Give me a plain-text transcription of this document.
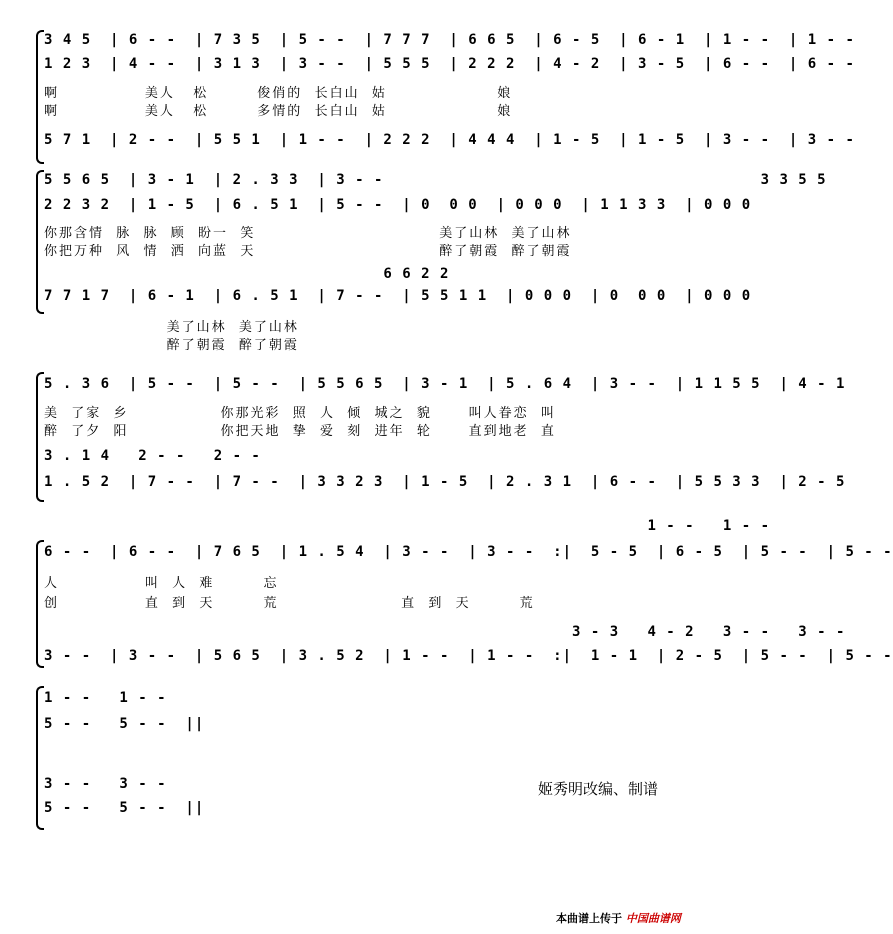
3 4 5  | 6 - -  | 7 3 5  | 5 - -  | 7 7 7  | 6 6 5  | 6 - 5  | 6 - 1  | 1 - -  | 1 - -
1 2 3  | 4 - -  | 3 1 3  | 3 - -  | 5 5 5  | 2 2 2  | 4 - 2  | 3 - 5  | 6 - -  | 6 - -
啊              美人   松        俊俏的  长白山  姑                  娘
啊              美人   松        多情的  长白山  姑                  娘
5 7 1  | 2 - -  | 5 5 1  | 1 - -  | 2 2 2  | 4 4 4  | 1 - 5  | 1 - 5  | 3 - -  | 3 - -
5 5 6 5  | 3 - 1  | 2 . 3 3  | 3 - -                                        3 3 5 5
2 2 3 2  | 1 - 5  | 6 . 5 1  | 5 - -  | 0  0 0  | 0 0 0  | 1 1 3 3  | 0 0 0
你那含情  脉  脉  顾  盼一  笑                              美了山林  美了山林
你把万种  风  情  洒  向蓝  天                              醉了朝霞  醉了朝霞
6 6 2 2
7 7 1 7  | 6 - 1  | 6 . 5 1  | 7 - -  | 5 5 1 1  | 0 0 0  | 0  0 0  | 0 0 0
美了山林  美了山林
醉了朝霞  醉了朝霞
5 . 3 6  | 5 - -  | 5 - -  | 5 5 6 5  | 3 - 1  | 5 . 6 4  | 3 - -  | 1 1 5 5  | 4 - 1
美  了家  乡               你那光彩  照  人  倾  城之  貌      叫人眷恋  叫
醉  了夕  阳               你把天地  挚  爱  刻  进年  轮      直到地老  直
3 . 1 4   2 - -   2 - -
1 . 5 2  | 7 - -  | 7 - -  | 3 3 2 3  | 1 - 5  | 2 . 3 1  | 6 - -  | 5 5 3 3  | 2 - 5
1 - -   1 - -
6 - -  | 6 - -  | 7 6 5  | 1 . 5 4  | 3 - -  | 3 - -  :|  5 - 5  | 6 - 5  | 5 - -  | 5 - -
人              叫  人  难        忘
创              直  到  天        荒                    直  到  天        荒
3 - 3   4 - 2   3 - -   3 - -
3 - -  | 3 - -  | 5 6 5  | 3 . 5 2  | 1 - -  | 1 - -  :|  1 - 1  | 2 - 5  | 5 - -  | 5 - -
1 - -   1 - -
5 - -   5 - -  ||
3 - -   3 - -
5 - -   5 - -  ||
姬秀明改编、制谱
本曲谱上传于 中国曲谱网
